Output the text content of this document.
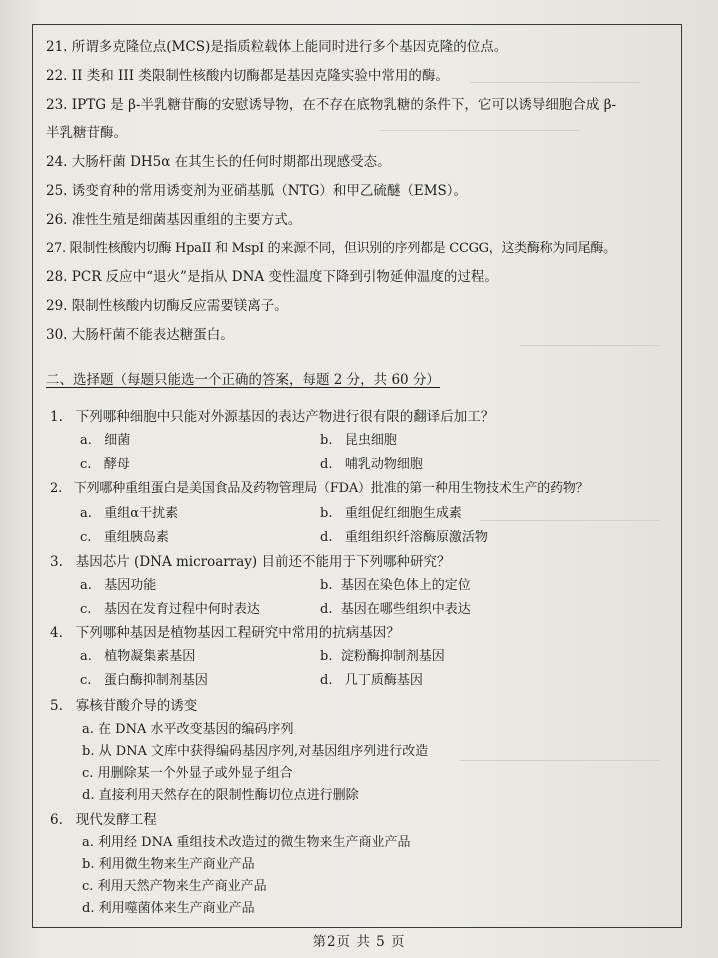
21. 所谓多克隆位点(MCS)是指质粒载体上能同时进行多个基因克隆的位点。
22. II 类和 III 类限制性核酸内切酶都是基因克隆实验中常用的酶。
23. IPTG 是 β-半乳糖苷酶的安慰诱导物，在不存在底物乳糖的条件下，它可以诱导细胞合成 β-
半乳糖苷酶。
24. 大肠杆菌 DH5α 在其生长的任何时期都出现感受态。
25. 诱变育种的常用诱变剂为亚硝基胍（NTG）和甲乙硫醚（EMS）。
26. 准性生殖是细菌基因重组的主要方式。
27. 限制性核酸内切酶 HpaII 和 MspI 的来源不同，但识别的序列都是 CCGG，这类酶称为同尾酶。
28. PCR 反应中“退火”是指从 DNA 变性温度下降到引物延伸温度的过程。
29. 限制性核酸内切酶反应需要镁离子。
30. 大肠杆菌不能表达糖蛋白。
二、选择题（每题只能选一个正确的答案，每题 2 分，共 60 分）
1. 下列哪种细胞中只能对外源基因的表达产物进行很有限的翻译后加工？
a. 细菌	b. 昆虫细胞
c. 酵母	d. 哺乳动物细胞
2. 下列哪种重组蛋白是美国食品及药物管理局（FDA）批准的第一种用生物技术生产的药物？
a. 重组α干扰素	b. 重组促红细胞生成素
c. 重组胰岛素	d. 重组组织纤溶酶原激活物
3. 基因芯片 (DNA microarray) 目前还不能用于下列哪种研究？
a. 基因功能	b. 基因在染色体上的定位
c. 基因在发育过程中何时表达	d. 基因在哪些组织中表达
4. 下列哪种基因是植物基因工程研究中常用的抗病基因？
a. 植物凝集素基因	b. 淀粉酶抑制剂基因
c. 蛋白酶抑制剂基因	d. 几丁质酶基因
5. 寡核苷酸介导的诱变
a. 在 DNA 水平改变基因的编码序列
b. 从 DNA 文库中获得编码基因序列,对基因组序列进行改造
c. 用删除某一个外显子或外显子组合
d. 直接利用天然存在的限制性酶切位点进行删除
6. 现代发酵工程
a. 利用经 DNA 重组技术改造过的微生物来生产商业产品
b. 利用微生物来生产商业产品
c. 利用天然产物来生产商业产品
d. 利用噬菌体来生产商业产品
第2页 共 5 页
